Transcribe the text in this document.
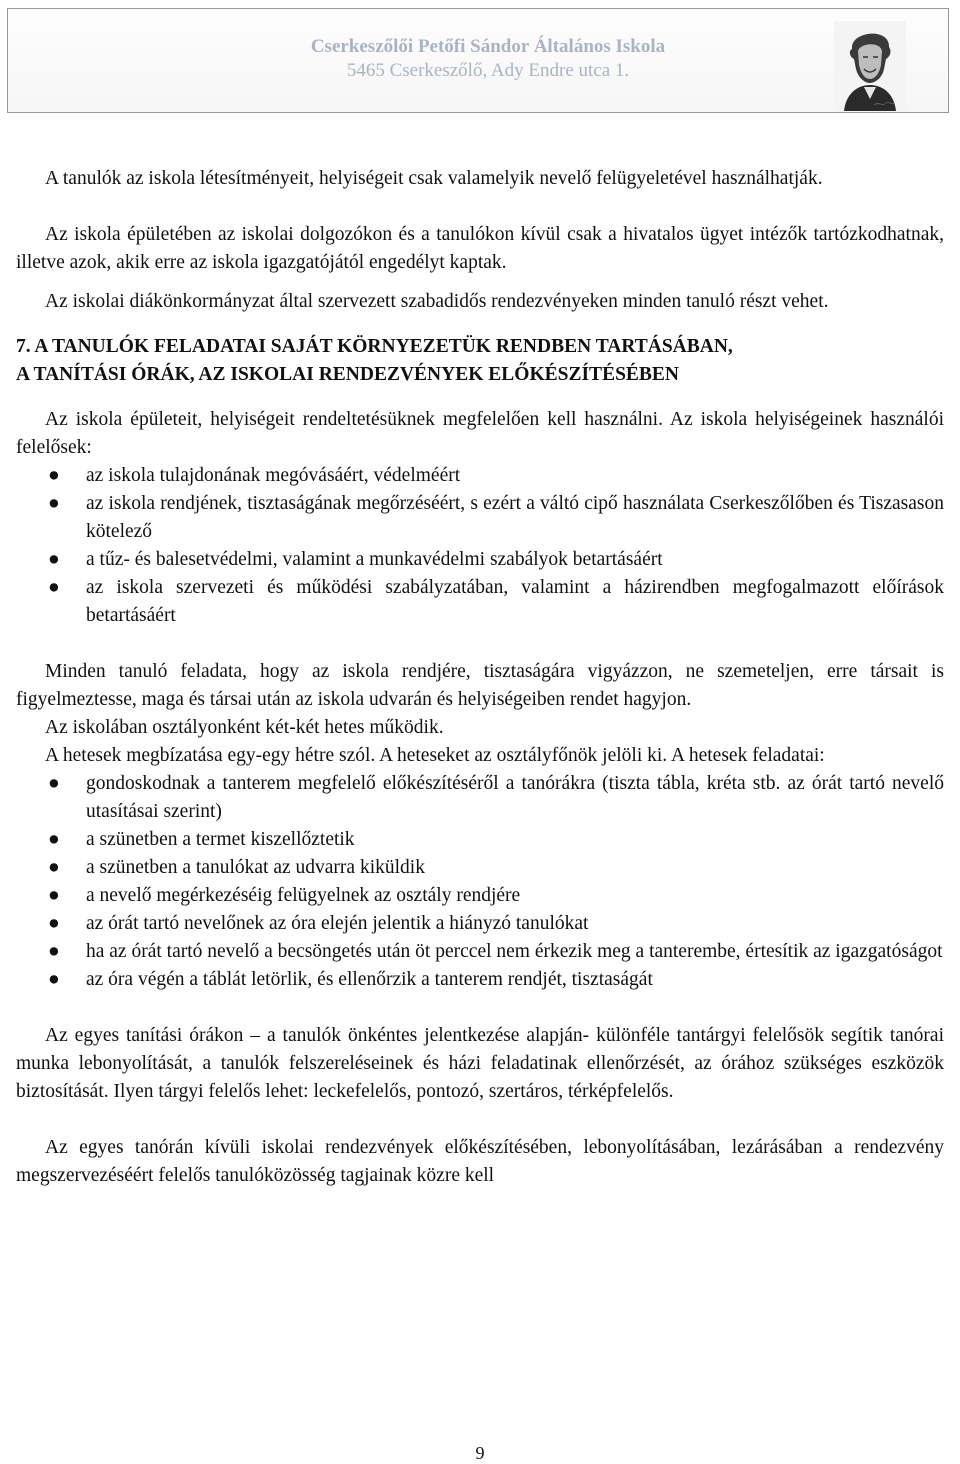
Cserkeszőlői Petőfi Sándor Általános Iskola
5465 Cserkeszőlő, Ady Endre utca 1.

A tanulók az iskola létesítményeit, helyiségeit csak valamelyik nevelő felügyeletével használhatják.

Az iskola épületében az iskolai dolgozókon és a tanulókon kívül csak a hivatalos ügyet intézők tartózkodhatnak, illetve azok, akik erre az iskola igazgatójától engedélyt kaptak.

Az iskolai diákönkormányzat által szervezett szabadidős rendezvényeken minden tanuló részt vehet.

7. A TANULÓK FELADATAI SAJÁT KÖRNYEZETÜK RENDBEN TARTÁSÁBAN,
A TANÍTÁSI ÓRÁK, AZ ISKOLAI RENDEZVÉNYEK ELŐKÉSZÍTÉSÉBEN

Az iskola épületeit, helyiségeit rendeltetésüknek megfelelően kell használni. Az iskola helyiségeinek használói felelősek:

● az iskola tulajdonának megóvásáért, védelméért
● az iskola rendjének, tisztaságának megőrzéséért, s ezért a váltó cipő használata Cserkeszőlőben és Tiszasason kötelező
● a tűz- és balesetvédelmi, valamint a munkavédelmi szabályok betartásáért
● az iskola szervezeti és működési szabályzatában, valamint a házirendben megfogalmazott előírások betartásáért

Minden tanuló feladata, hogy az iskola rendjére, tisztaságára vigyázzon, ne szemeteljen, erre társait is figyelmeztesse, maga és társai után az iskola udvarán és helyiségeiben rendet hagyjon.

Az iskolában osztályonként két-két hetes működik.

A hetesek megbízatása egy-egy hétre szól. A heteseket az osztályfőnök jelöli ki. A hetesek feladatai:

● gondoskodnak a tanterem megfelelő előkészítéséről a tanórákra (tiszta tábla, kréta stb. az órát tartó nevelő utasításai szerint)
● a szünetben a termet kiszellőztetik
● a szünetben a tanulókat az udvarra kiküldik
● a nevelő megérkezéséig felügyelnek az osztály rendjére
● az órát tartó nevelőnek az óra elején jelentik a hiányzó tanulókat
● ha az órát tartó nevelő a becsöngetés után öt perccel nem érkezik meg a tanterembe, értesítik az igazgatóságot
● az óra végén a táblát letörlik, és ellenőrzik a tanterem rendjét, tisztaságát

Az egyes tanítási órákon – a tanulók önkéntes jelentkezése alapján- különféle tantárgyi felelősök segítik tanórai munka lebonyolítását, a tanulók felszereléseinek és házi feladatinak ellenőrzését, az órához szükséges eszközök biztosítását. Ilyen tárgyi felelős lehet: leckefelelős, pontozó, szertáros, térképfelelős.

Az egyes tanórán kívüli iskolai rendezvények előkészítésében, lebonyolításában, lezárásában a rendezvény megszervezéséért felelős tanulóközösség tagjainak közre kell

9
